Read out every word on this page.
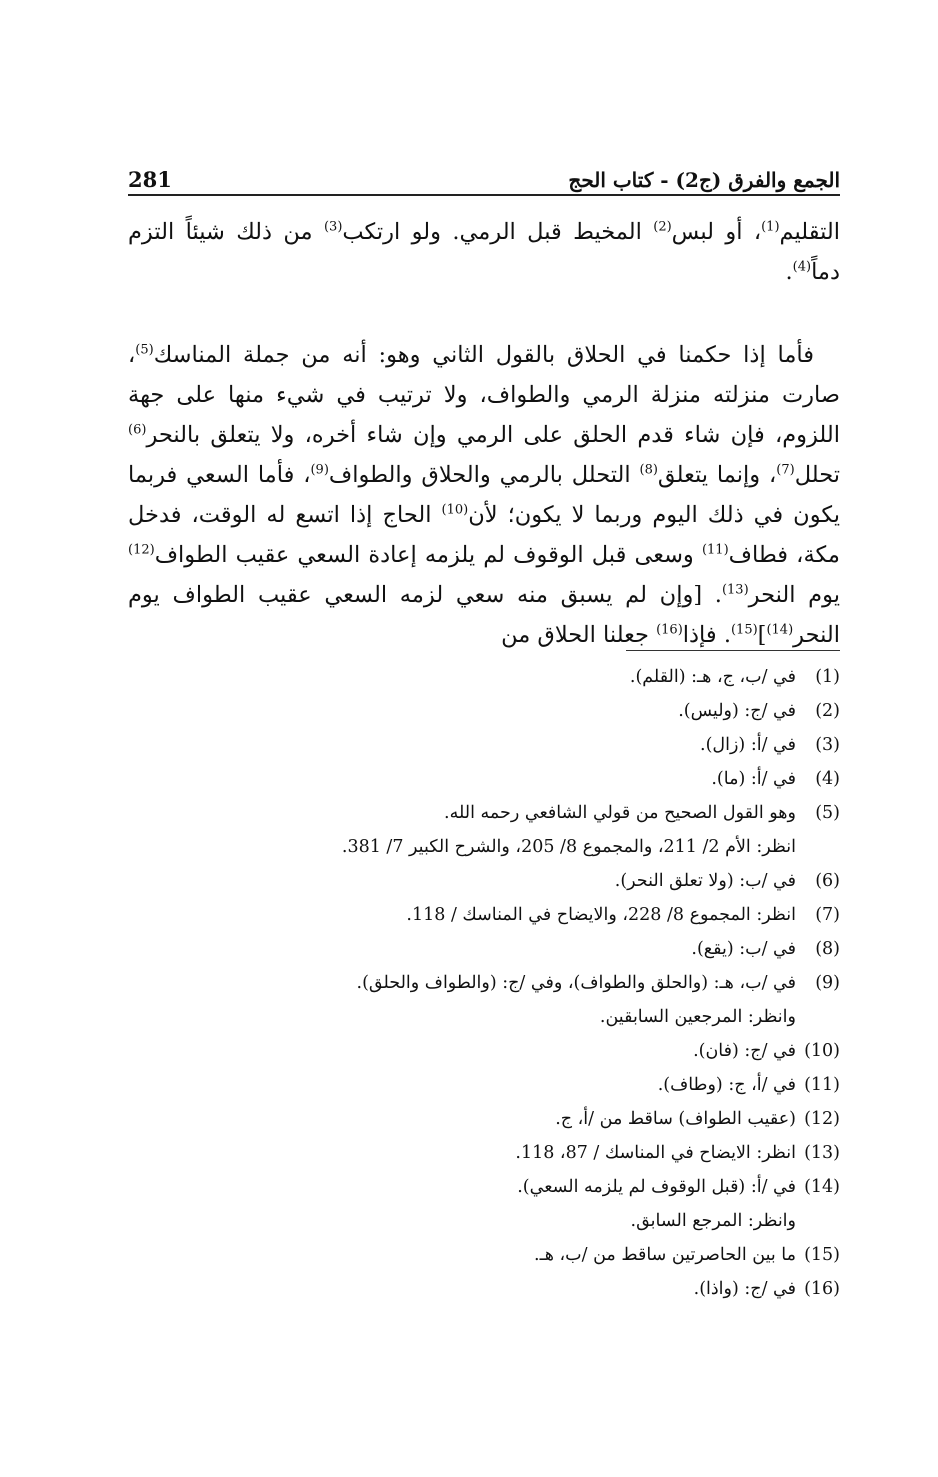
الجمع والفرق (ج2) - كتاب الحج
281
التقليم$^{(1)}$، أو لبس$^{(2)}$ المخيط قبل الرمي. ولو ارتكب$^{(3)}$ من ذلك شيئاً التزم دماً$^{(4)}$.
فأما إذا حكمنا في الحلاق بالقول الثاني وهو: أنه من جملة المناسك$^{(5)}$، صارت منزلته منزلة الرمي والطواف، ولا ترتيب في شيء منها على جهة اللزوم، فإن شاء قدم الحلق على الرمي وإن شاء أخره، ولا يتعلق بالنحر$^{(6)}$ تحلل$^{(7)}$، وإنما يتعلق$^{(8)}$ التحلل بالرمي والحلاق والطواف$^{(9)}$، فأما السعي فربما يكون في ذلك اليوم وربما لا يكون؛ لأن$^{(10)}$ الحاج إذا اتسع له الوقت، فدخل مكة، فطاف$^{(11)}$ وسعى قبل الوقوف لم يلزمه إعادة السعي عقيب الطواف$^{(12)}$ يوم النحر$^{(13)}$. [وإن لم يسبق منه سعي لزمه السعي عقيب الطواف يوم النحر$^{(14)}$]$^{(15)}$. فإذا$^{(16)}$ جعلنا الحلاق من
(1)
في /ب، ج، هـ: (القلم).
(2)
في /ج: (وليس).
(3)
في /أ: (زال).
(4)
في /أ: (ما).
(5)
وهو القول الصحيح من قولي الشافعي رحمه الله.
انظر: الأم 2/ 211، والمجموع 8/ 205، والشرح الكبير 7/ 381.
(6)
في /ب: (ولا تعلق النحر).
(7)
انظر: المجموع 8/ 228، والايضاح في المناسك / 118.
(8)
في /ب: (يقع).
(9)
في /ب، هـ: (والحلق والطواف)، وفي /ج: (والطواف والحلق).
وانظر: المرجعين السابقين.
(10)
في /ج: (فان).
(11)
في /أ، ج: (وطاف).
(12)
(عقيب الطواف) ساقط من /أ، ج.
(13)
انظر: الايضاح في المناسك / 87، 118.
(14)
في /أ: (قبل الوقوف لم يلزمه السعي).
وانظر: المرجع السابق.
(15)
ما بين الحاصرتين ساقط من /ب، هـ.
(16)
في /ج: (واذا).
